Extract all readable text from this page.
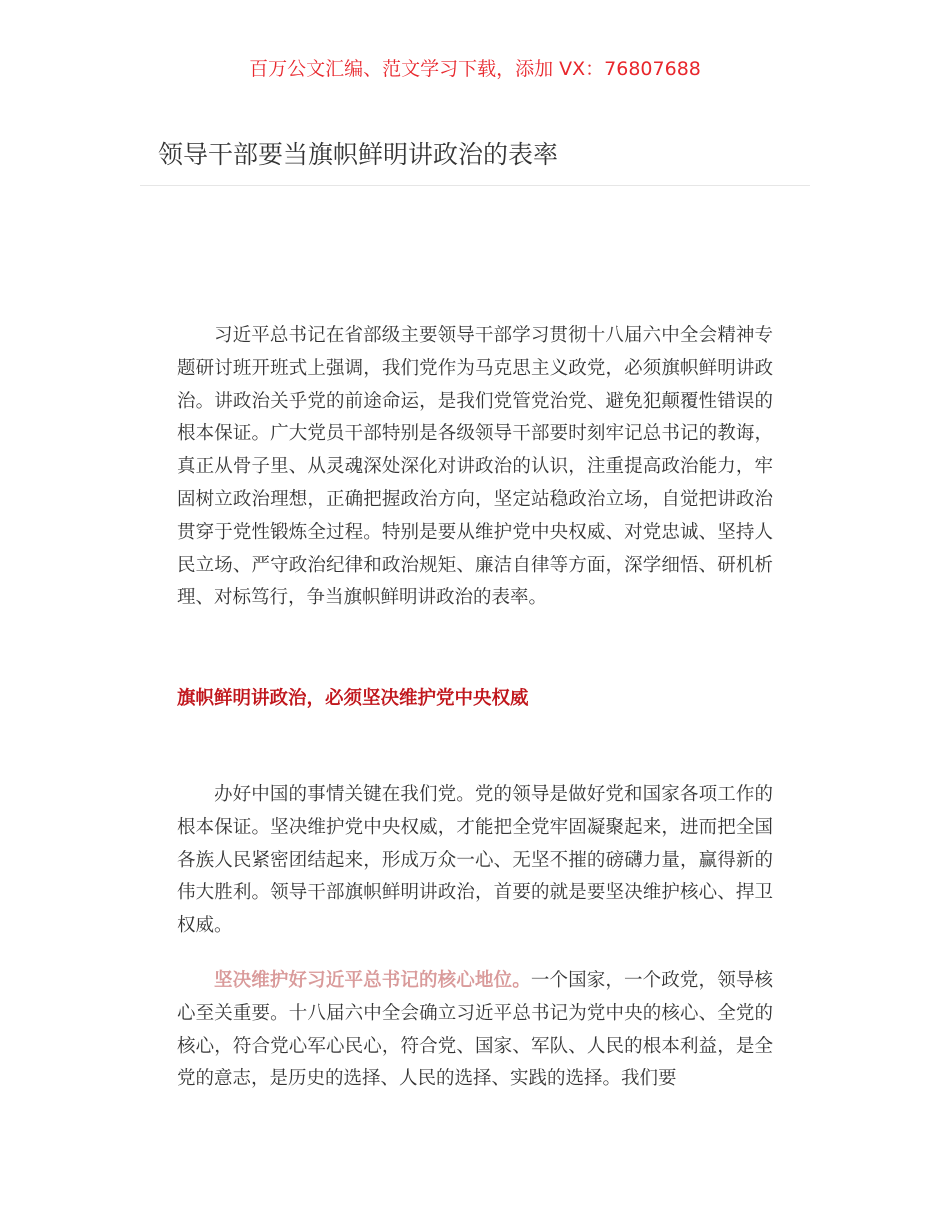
百万公文汇编、范文学习下载，添加 VX：76807688
领导干部要当旗帜鲜明讲政治的表率

习近平总书记在省部级主要领导干部学习贯彻十八届六中全会精神专题研讨班开班式上强调，我们党作为马克思主义政党，必须旗帜鲜明讲政治。讲政治关乎党的前途命运，是我们党管党治党、避免犯颠覆性错误的根本保证。广大党员干部特别是各级领导干部要时刻牢记总书记的教诲，真正从骨子里、从灵魂深处深化对讲政治的认识，注重提高政治能力，牢固树立政治理想，正确把握政治方向，坚定站稳政治立场，自觉把讲政治贯穿于党性锻炼全过程。特别是要从维护党中央权威、对党忠诚、坚持人民立场、严守政治纪律和政治规矩、廉洁自律等方面，深学细悟、研机析理、对标笃行，争当旗帜鲜明讲政治的表率。

旗帜鲜明讲政治，必须坚决维护党中央权威

办好中国的事情关键在我们党。党的领导是做好党和国家各项工作的根本保证。坚决维护党中央权威，才能把全党牢固凝聚起来，进而把全国各族人民紧密团结起来，形成万众一心、无坚不摧的磅礴力量，赢得新的伟大胜利。领导干部旗帜鲜明讲政治，首要的就是要坚决维护核心、捍卫权威。

坚决维护好习近平总书记的核心地位。一个国家，一个政党，领导核心至关重要。十八届六中全会确立习近平总书记为党中央的核心、全党的核心，符合党心军心民心，符合党、国家、军队、人民的根本利益，是全党的意志，是历史的选择、人民的选择、实践的选择。我们要
